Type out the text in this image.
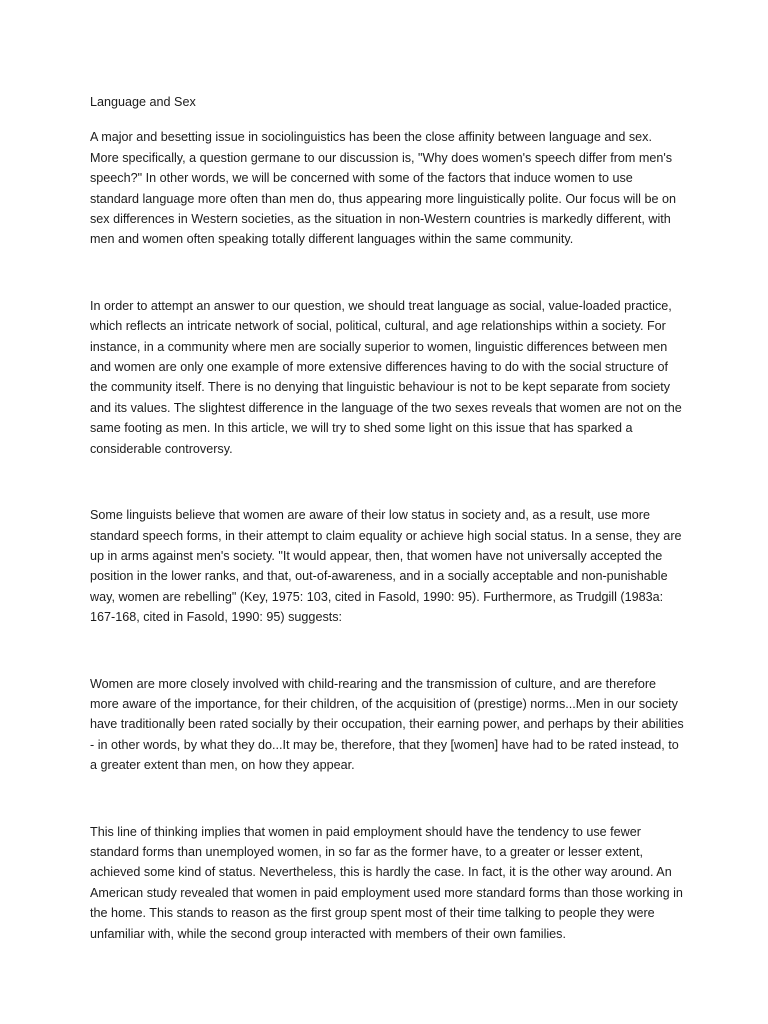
Language and Sex

A major and besetting issue in sociolinguistics has been the close affinity between language and sex. More specifically, a question germane to our discussion is, "Why does women's speech differ from men's speech?" In other words, we will be concerned with some of the factors that induce women to use standard language more often than men do, thus appearing more linguistically polite. Our focus will be on sex differences in Western societies, as the situation in non-Western countries is markedly different, with men and women often speaking totally different languages within the same community.

In order to attempt an answer to our question, we should treat language as social, value-loaded practice, which reflects an intricate network of social, political, cultural, and age relationships within a society. For instance, in a community where men are socially superior to women, linguistic differences between men and women are only one example of more extensive differences having to do with the social structure of the community itself. There is no denying that linguistic behaviour is not to be kept separate from society and its values. The slightest difference in the language of the two sexes reveals that women are not on the same footing as men. In this article, we will try to shed some light on this issue that has sparked a considerable controversy.

Some linguists believe that women are aware of their low status in society and, as a result, use more standard speech forms, in their attempt to claim equality or achieve high social status. In a sense, they are up in arms against men's society. "It would appear, then, that women have not universally accepted the position in the lower ranks, and that, out-of-awareness, and in a socially acceptable and non-punishable way, women are rebelling" (Key, 1975: 103, cited in Fasold, 1990: 95). Furthermore, as Trudgill (1983a: 167-168, cited in Fasold, 1990: 95) suggests:

Women are more closely involved with child-rearing and the transmission of culture, and are therefore more aware of the importance, for their children, of the acquisition of (prestige) norms...Men in our society have traditionally been rated socially by their occupation, their earning power, and perhaps by their abilities - in other words, by what they do...It may be, therefore, that they [women] have had to be rated instead, to a greater extent than men, on how they appear.

This line of thinking implies that women in paid employment should have the tendency to use fewer standard forms than unemployed women, in so far as the former have, to a greater or lesser extent, achieved some kind of status. Nevertheless, this is hardly the case. In fact, it is the other way around. An American study revealed that women in paid employment used more standard forms than those working in the home. This stands to reason as the first group spent most of their time talking to people they were unfamiliar with, while the second group interacted with members of their own families.
